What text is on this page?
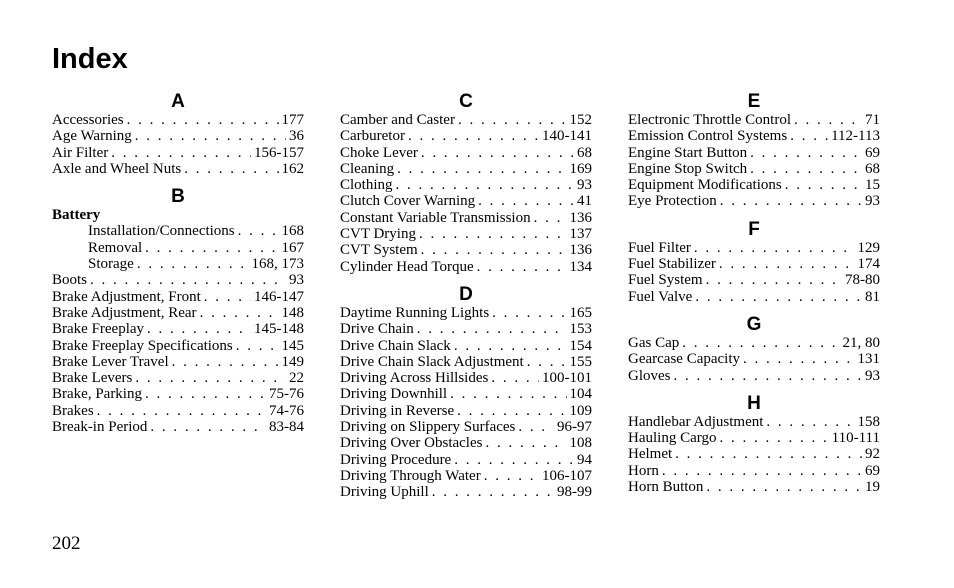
Index
A
Accessories . . .	177
Age Warning . . .	36
Air Filter . . .	156-157
Axle and Wheel Nuts . . .	162
B
Battery
Installation/Connections . . .	168
Removal . . .	167
Storage . . .	168, 173
Boots . . .	93
Brake Adjustment, Front . . .	146-147
Brake Adjustment, Rear . . .	148
Brake Freeplay . . .	145-148
Brake Freeplay Specifications . . .	145
Brake Lever Travel . . .	149
Brake Levers . . .	22
Brake, Parking . . .	75-76
Brakes . . .	74-76
Break-in Period . . .	83-84
C
Camber and Caster . . .	152
Carburetor . . .	140-141
Choke Lever . . .	68
Cleaning . . .	169
Clothing . . .	93
Clutch Cover Warning . . .	41
Constant Variable Transmission . . .	136
CVT Drying . . .	137
CVT System . . .	136
Cylinder Head Torque . . .	134
D
Daytime Running Lights . . .	165
Drive Chain . . .	153
Drive Chain Slack . . .	154
Drive Chain Slack Adjustment . . .	155
Driving Across Hillsides . . .	100-101
Driving Downhill . . .	104
Driving in Reverse . . .	109
Driving on Slippery Surfaces . . .	96-97
Driving Over Obstacles . . .	108
Driving Procedure . . .	94
Driving Through Water . . .	106-107
Driving Uphill . . .	98-99
E
Electronic Throttle Control . . .	71
Emission Control Systems . . .	112-113
Engine Start Button . . .	69
Engine Stop Switch . . .	68
Equipment Modifications . . .	15
Eye Protection . . .	93
F
Fuel Filter . . .	129
Fuel Stabilizer . . .	174
Fuel System . . .	78-80
Fuel Valve . . .	81
G
Gas Cap . . .	21, 80
Gearcase Capacity . . .	131
Gloves . . .	93
H
Handlebar Adjustment . . .	158
Hauling Cargo . . .	110-111
Helmet . . .	92
Horn . . .	69
Horn Button . . .	19
202
